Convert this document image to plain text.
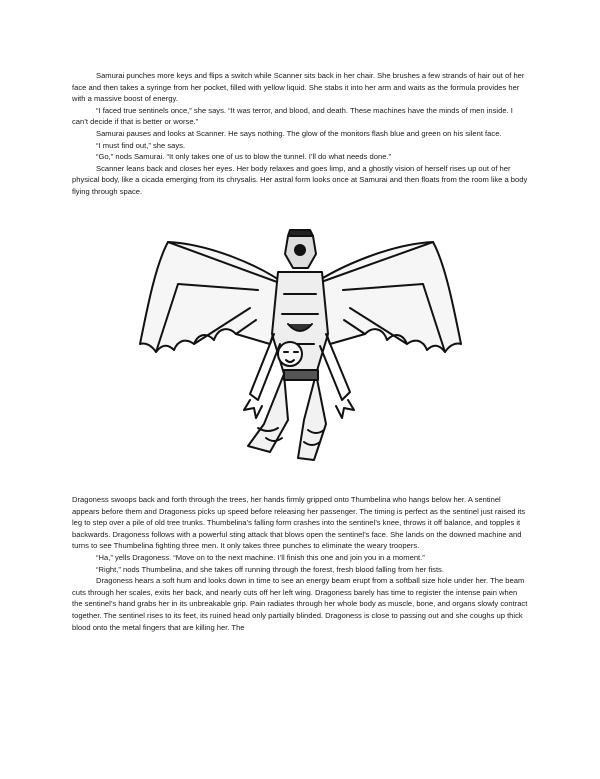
Samurai punches more keys and flips a switch while Scanner sits back in her chair. She brushes a few strands of hair out of her face and then takes a syringe from her pocket, filled with yellow liquid. She stabs it into her arm and waits as the formula provides her with a massive boost of energy.

“I faced true sentinels once,” she says. “It was terror, and blood, and death. These machines have the minds of men inside. I can’t decide if that is better or worse.”

Samurai pauses and looks at Scanner. He says nothing. The glow of the monitors flash blue and green on his silent face.

“I must find out,” she says.

“Go,” nods Samurai. “It only takes one of us to blow the tunnel. I’ll do what needs done.”

Scanner leans back and closes her eyes. Her body relaxes and goes limp, and a ghostly vision of herself rises up out of her physical body, like a cicada emerging from its chrysalis. Her astral form looks once at Samurai and then floats from the room like a body flying through space.

Dragoness swoops back and forth through the trees, her hands firmly gripped onto Thumbelina who hangs below her. A sentinel appears before them and Dragoness picks up speed before releasing her passenger. The timing is perfect as the sentinel just raised its leg to step over a pile of old tree trunks. Thumbelina’s falling form crashes into the sentinel’s knee, throws it off balance, and topples it backwards. Dragoness follows with a powerful sting attack that blows open the sentinel’s face. She lands on the downed machine and turns to see Thumbelina fighting three men. It only takes three punches to eliminate the weary troopers.

“Ha,” yells Dragoness. “Move on to the next machine. I’ll finish this one and join you in a moment.”

“Right,” nods Thumbelina, and she takes off running through the forest, fresh blood falling from her fists.

Dragoness hears a soft hum and looks down in time to see an energy beam erupt from a softball size hole under her. The beam cuts through her scales, exits her back, and nearly cuts off her left wing. Dragoness barely has time to register the intense pain when the sentinel’s hand grabs her in its unbreakable grip. Pain radiates through her whole body as muscle, bone, and organs slowly contract together. The sentinel rises to its feet, its ruined head only partially blinded. Dragoness is close to passing out and she coughs up thick blood onto the metal fingers that are killing her. The
